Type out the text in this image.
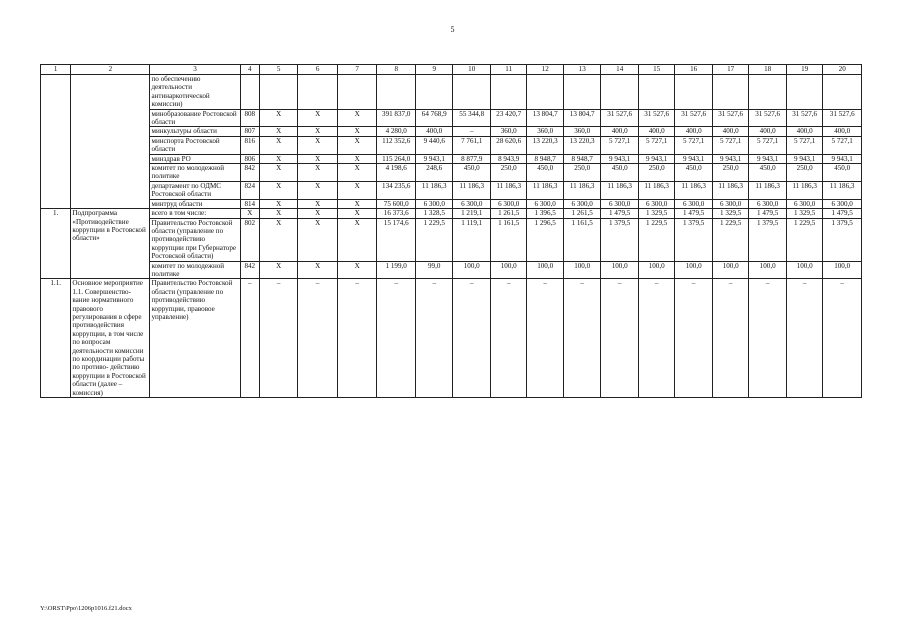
5
1	2	3	4	5	6	7	8	9	10	11	12	13	14	15	16	17	18	19	20
		по обеспечению деятельности антинаркотической комиссии)																	
		минобразование Ростовской области	808	X	X	X	391 837,0	64 768,9	55 344,8	23 420,7	13 804,7	13 804,7	31 527,6	31 527,6	31 527,6	31 527,6	31 527,6	31 527,6	31 527,6
		минкультуры области	807	X	X	X	4 280,0	400,0	–	360,0	360,0	360,0	400,0	400,0	400,0	400,0	400,0	400,0	400,0
		минспорта Ростовской области	816	X	X	X	112 352,6	9 440,6	7 761,1	28 620,6	13 220,3	13 220,3	5 727,1	5 727,1	5 727,1	5 727,1	5 727,1	5 727,1	5 727,1
		минздрав РО	806	X	X	X	115 264,0	9 943,1	8 877,9	8 943,9	8 948,7	8 948,7	9 943,1	9 943,1	9 943,1	9 943,1	9 943,1	9 943,1	9 943,1
		комитет по молодежной политике	842	X	X	X	4 198,6	248,6	450,0	250,0	450,0	250,0	450,0	250,0	450,0	250,0	450,0	250,0	450,0
		департамент по ОДМС Ростовской области	824	X	X	X	134 235,6	11 186,3	11 186,3	11 186,3	11 186,3	11 186,3	11 186,3	11 186,3	11 186,3	11 186,3	11 186,3	11 186,3	11 186,3
		минтруд области	814	X	X	X	75 600,0	6 300,0	6 300,0	6 300,0	6 300,0	6 300,0	6 300,0	6 300,0	6 300,0	6 300,0	6 300,0	6 300,0	6 300,0
1.	Подпрограмма «Противодействие коррупции в Ростовской области»	всего в том числе:	X	X	X	X	16 373,6	1 328,5	1 219,1	1 261,5	1 396,5	1 261,5	1 479,5	1 329,5	1 479,5	1 329,5	1 479,5	1 329,5	1 479,5
		Правительство Ростовской области (управление по противодействию коррупции при Губернаторе Ростовской области)	802	X	X	X	15 174,6	1 229,5	1 119,1	1 161,5	1 296,5	1 161,5	1 379,5	1 229,5	1 379,5	1 229,5	1 379,5	1 229,5	1 379,5
		комитет по молодежной политике	842	X	X	X	1 199,0	99,0	100,0	100,0	100,0	100,0	100,0	100,0	100,0	100,0	100,0	100,0	100,0
1.1.	Основное мероприятие 1.1. Совершенство- вание нормативного правового регулирования в сфере противодействия коррупции, в том числе по вопросам деятельности комиссии по координации работы по противо- действию коррупции в Ростовской области (далее – комиссия)	Правительство Ростовской области (управление по противодействию коррупции, правовое управление)	–	–	–	–	–	–	–	–	–	–	–	–	–	–	–	–	–
Y:\ORST\Ppo\1206p1016.f21.docx
